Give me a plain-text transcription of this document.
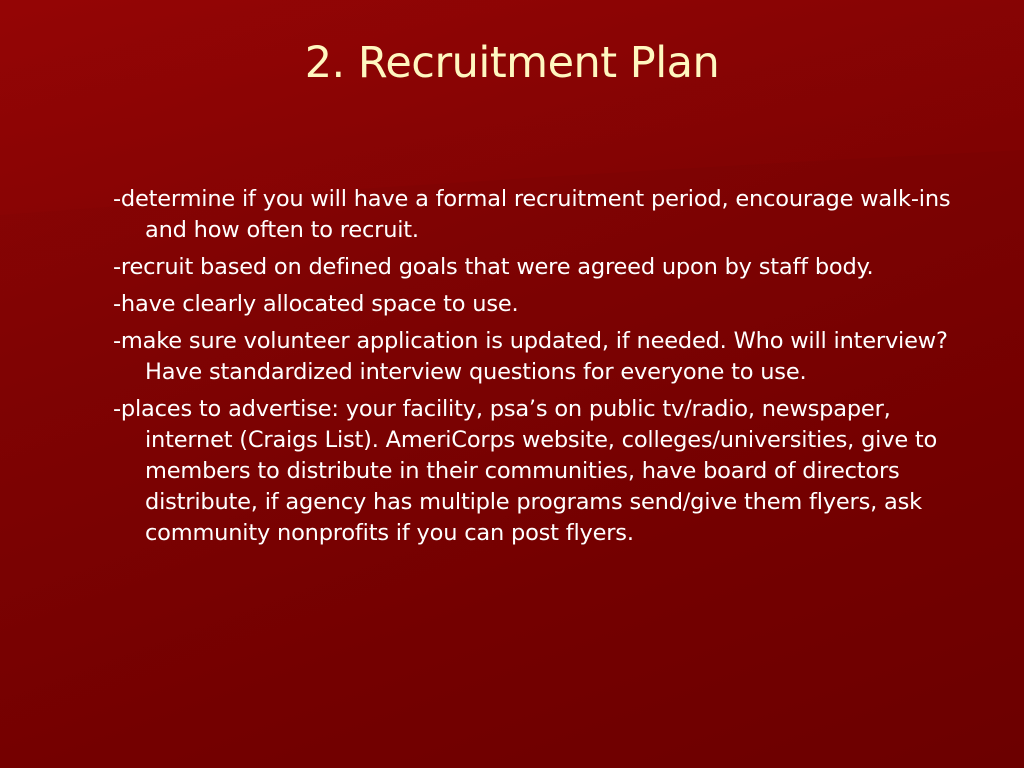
2. Recruitment Plan
-determine if you will have a formal recruitment period, encourage walk-ins and how often to recruit.
-recruit based on defined goals that were agreed upon by staff body.
-have clearly allocated space to use.
-make sure volunteer application is updated, if needed. Who will interview? Have standardized interview questions for everyone to use.
-places to advertise: your facility, psa’s on public tv/radio, newspaper, internet (Craigs List). AmeriCorps website, colleges/universities, give to members to distribute in their communities, have board of directors distribute, if agency has multiple programs send/give them flyers, ask community nonprofits if you can post flyers.
